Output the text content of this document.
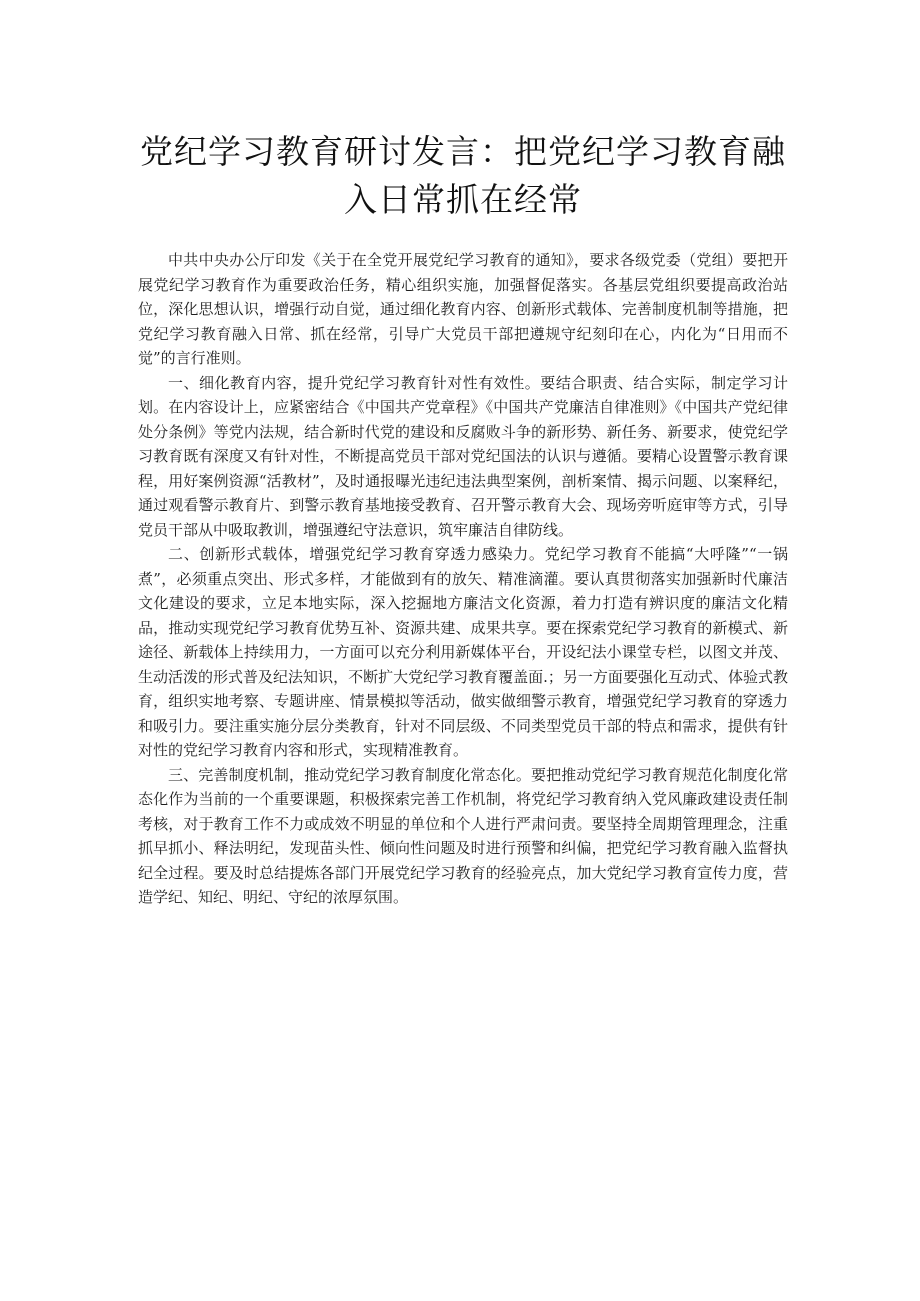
党纪学习教育研讨发言：把党纪学习教育融入日常抓在经常

中共中央办公厅印发《关于在全党开展党纪学习教育的通知》，要求各级党委（党组）要把开展党纪学习教育作为重要政治任务，精心组织实施，加强督促落实。各基层党组织要提高政治站位，深化思想认识，增强行动自觉，通过细化教育内容、创新形式载体、完善制度机制等措施，把党纪学习教育融入日常、抓在经常，引导广大党员干部把遵规守纪刻印在心，内化为“日用而不觉”的言行准则。

一、细化教育内容，提升党纪学习教育针对性有效性。要结合职责、结合实际，制定学习计划。在内容设计上，应紧密结合《中国共产党章程》《中国共产党廉洁自律准则》《中国共产党纪律处分条例》等党内法规，结合新时代党的建设和反腐败斗争的新形势、新任务、新要求，使党纪学习教育既有深度又有针对性，不断提高党员干部对党纪国法的认识与遵循。要精心设置警示教育课程，用好案例资源“活教材”，及时通报曝光违纪违法典型案例，剖析案情、揭示问题、以案释纪，通过观看警示教育片、到警示教育基地接受教育、召开警示教育大会、现场旁听庭审等方式，引导党员干部从中吸取教训，增强遵纪守法意识，筑牢廉洁自律防线。

二、创新形式载体，增强党纪学习教育穿透力感染力。党纪学习教育不能搞“大呼隆”“一锅煮”，必须重点突出、形式多样，才能做到有的放矢、精准滴灌。要认真贯彻落实加强新时代廉洁文化建设的要求，立足本地实际，深入挖掘地方廉洁文化资源，着力打造有辨识度的廉洁文化精品，推动实现党纪学习教育优势互补、资源共建、成果共享。要在探索党纪学习教育的新模式、新途径、新载体上持续用力，一方面可以充分利用新媒体平台，开设纪法小课堂专栏，以图文并茂、生动活泼的形式普及纪法知识，不断扩大党纪学习教育覆盖面.；另一方面要强化互动式、体验式教育，组织实地考察、专题讲座、情景模拟等活动，做实做细警示教育，增强党纪学习教育的穿透力和吸引力。要注重实施分层分类教育，针对不同层级、不同类型党员干部的特点和需求，提供有针对性的党纪学习教育内容和形式，实现精准教育。

三、完善制度机制，推动党纪学习教育制度化常态化。要把推动党纪学习教育规范化制度化常态化作为当前的一个重要课题，积极探索完善工作机制，将党纪学习教育纳入党风廉政建设责任制考核，对于教育工作不力或成效不明显的单位和个人进行严肃问责。要坚持全周期管理理念，注重抓早抓小、释法明纪，发现苗头性、倾向性问题及时进行预警和纠偏，把党纪学习教育融入监督执纪全过程。要及时总结提炼各部门开展党纪学习教育的经验亮点，加大党纪学习教育宣传力度，营造学纪、知纪、明纪、守纪的浓厚氛围。
